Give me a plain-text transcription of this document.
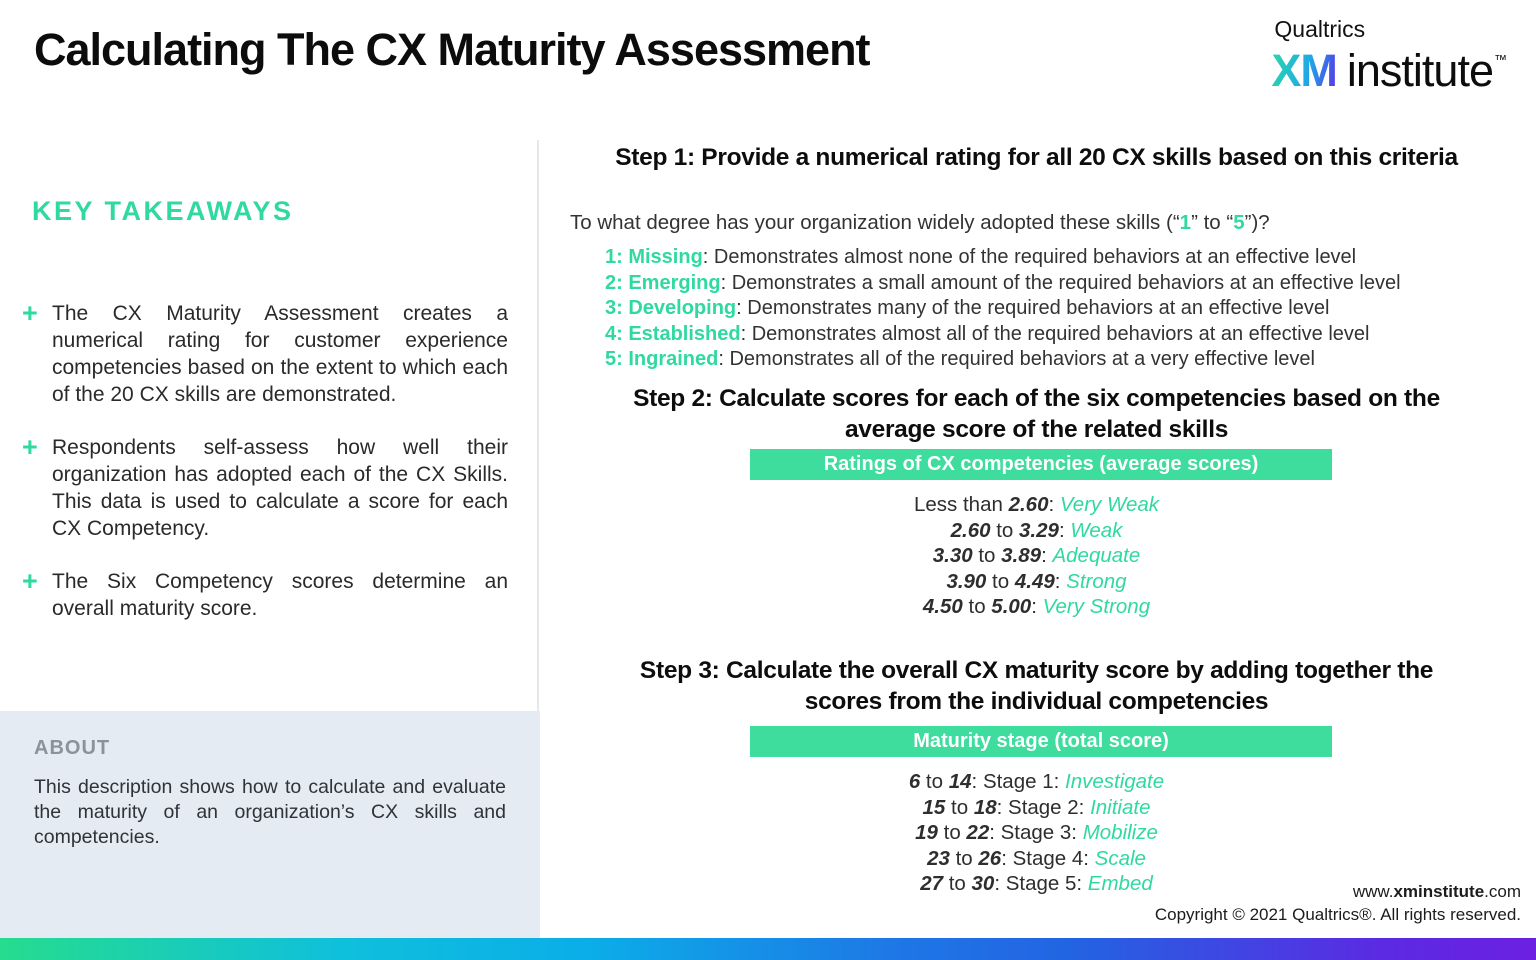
Calculating The CX Maturity Assessment	Qualtrics
XM institute ™
KEY TAKEAWAYS
+ The CX Maturity Assessment creates a numerical rating for customer experience competencies based on the extent to which each of the 20 CX skills are demonstrated.
+ Respondents self-assess how well their organization has adopted each of the CX Skills. This data is used to calculate a score for each CX Competency.
+ The Six Competency scores determine an overall maturity score.
ABOUT

This description shows how to calculate and evaluate the maturity of an organization’s CX skills and competencies.

Step 1: Provide a numerical rating for all 20 CX skills based on this criteria

To what degree has your organization widely adopted these skills (“1” to “5”)?

1: Missing: Demonstrates almost none of the required behaviors at an effective level
2: Emerging: Demonstrates a small amount of the required behaviors at an effective level
3: Developing: Demonstrates many of the required behaviors at an effective level
4: Established: Demonstrates almost all of the required behaviors at an effective level
5: Ingrained: Demonstrates all of the required behaviors at a very effective level
Step 2: Calculate scores for each of the six competencies based on the
average score of the related skills
Ratings of CX competencies (average scores)
Less than 2.60: Very Weak
2.60 to 3.29: Weak
3.30 to 3.89: Adequate
3.90 to 4.49: Strong
4.50 to 5.00: Very Strong
Step 3: Calculate the overall CX maturity score by adding together the
scores from the individual competencies
Maturity stage (total score)
6 to 14: Stage 1: Investigate
15 to 18: Stage 2: Initiate
19 to 22: Stage 3: Mobilize
23 to 26: Stage 4: Scale
27 to 30: Stage 5: Embed	www.xminstitute.com
Copyright © 2021 Qualtrics®. All rights reserved.
